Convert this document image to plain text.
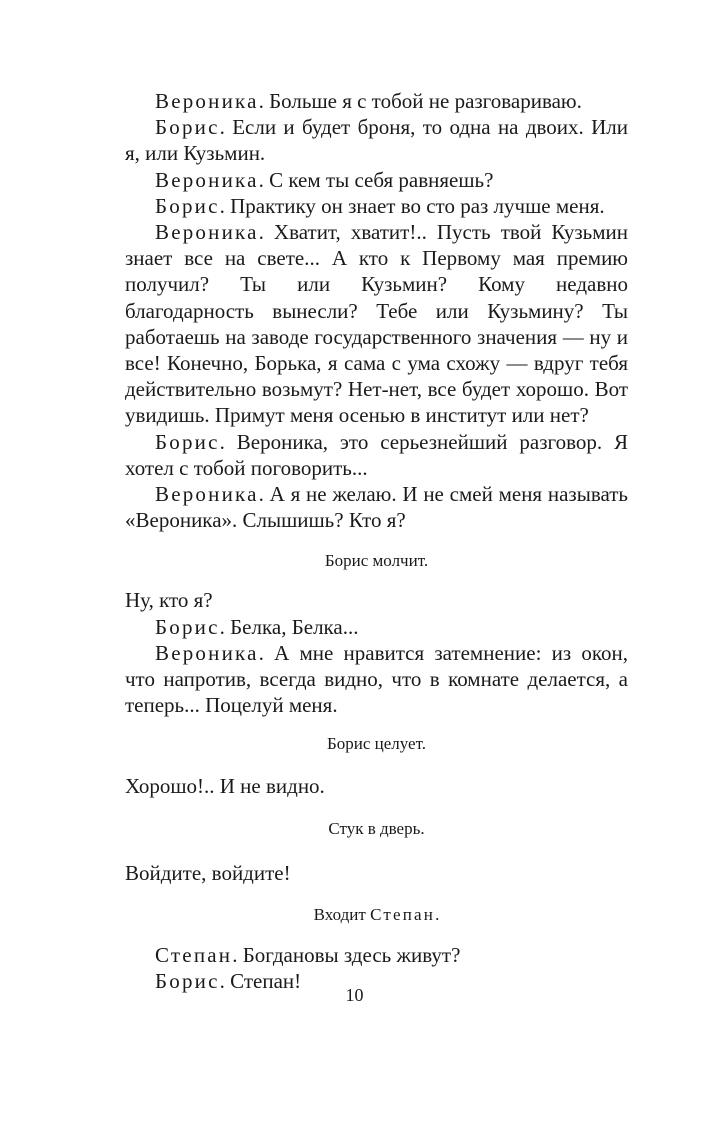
Вероника. Больше я с тобой не разговариваю.

Борис. Если и будет броня, то одна на двоих. Или я, или Кузьмин.

Вероника. С кем ты себя равняешь?

Борис. Практику он знает во сто раз лучше меня.

Вероника. Хватит, хватит!.. Пусть твой Кузьмин знает все на свете... А кто к Первому мая премию получил? Ты или Кузьмин? Кому недавно благодарность вынесли? Тебе или Кузьмину? Ты работаешь на заводе государственного значения — ну и все! Конечно, Борька, я сама с ума схожу — вдруг тебя действительно возьмут? Нет-нет, все будет хорошо. Вот увидишь. Примут меня осенью в институт или нет?

Борис. Вероника, это серьезнейший разговор. Я хотел с тобой поговорить...

Вероника. А я не желаю. И не смей меня называть «Вероника». Слышишь? Кто я?

Борис молчит.

Ну, кто я?

Борис. Белка, Белка...

Вероника. А мне нравится затемнение: из окон, что напротив, всегда видно, что в комнате делается, а теперь... Поцелуй меня.

Борис целует.

Хорошо!.. И не видно.

Стук в дверь.

Войдите, войдите!

Входит Степан.

Степан. Богдановы здесь живут?

Борис. Степан!

10
